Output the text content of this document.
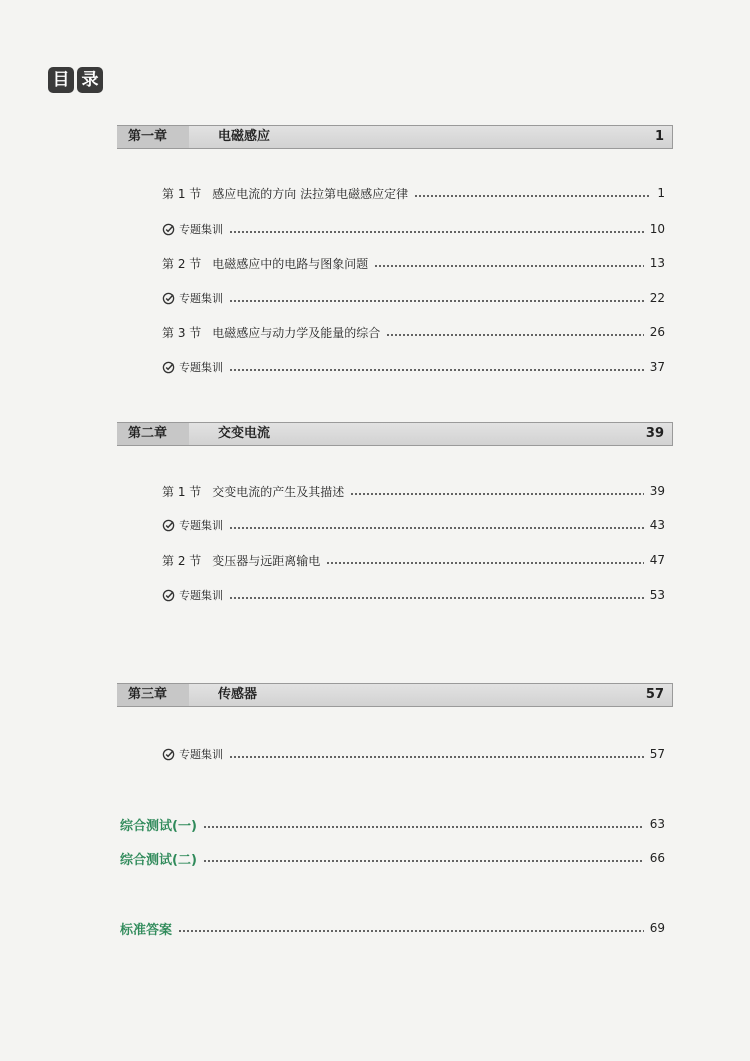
目 录
第一章	电磁感应	1
第 1 节 感应电流的方向 法拉第电磁感应定律	1
专题集训	10
第 2 节 电磁感应中的电路与图象问题	13
专题集训	22
第 3 节 电磁感应与动力学及能量的综合	26
专题集训	37
第二章	交变电流	39
第 1 节 交变电流的产生及其描述	39
专题集训	43
第 2 节 变压器与远距离输电	47
专题集训	53
第三章	传感器	57
专题集训	57
综合测试(一)	63
综合测试(二)	66
标准答案	69
